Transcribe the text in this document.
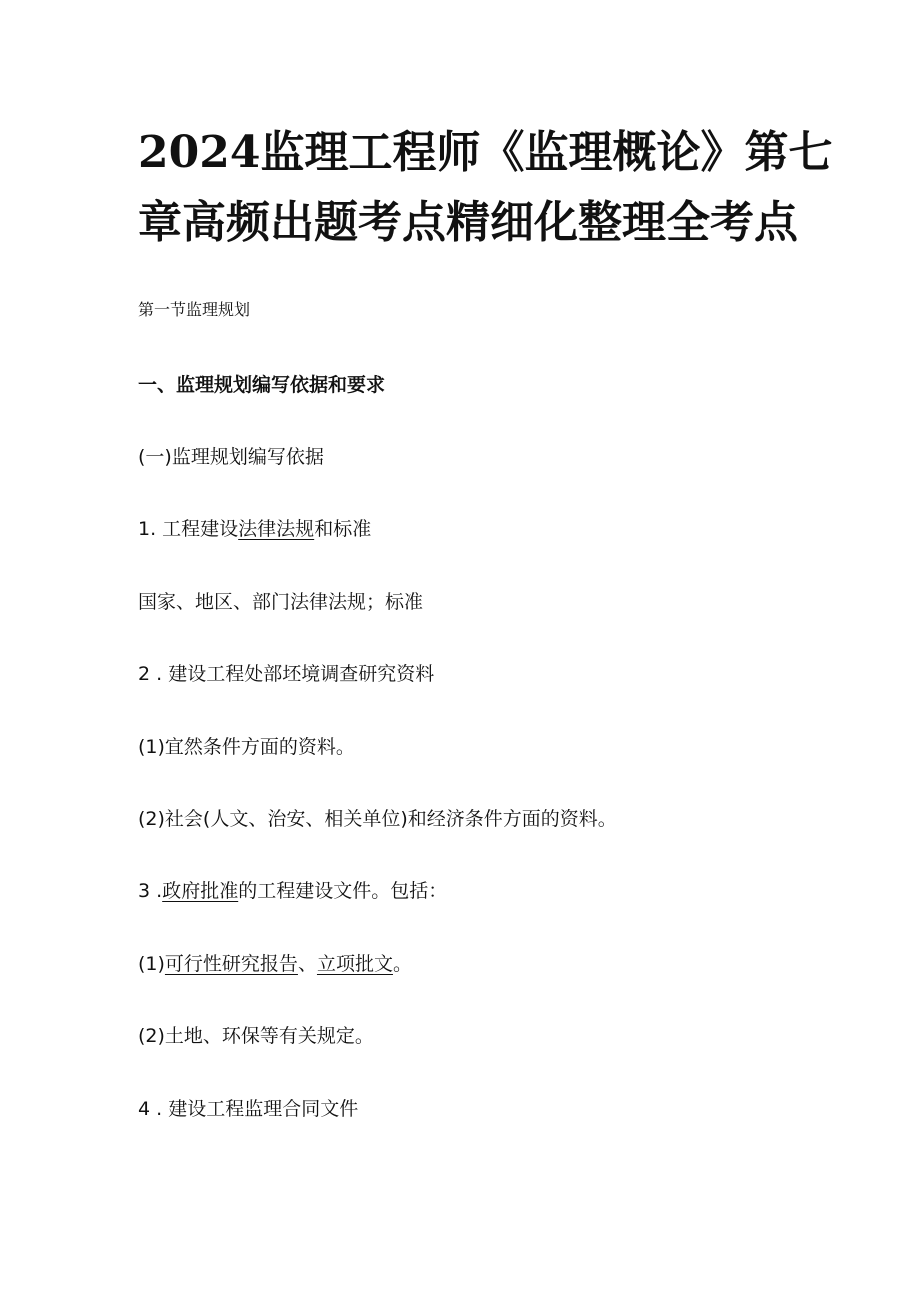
2024监理工程师《监理概论》第七
章高频出题考点精细化整理全考点

第一节监理规划

一、监理规划编写依据和要求

(一)监理规划编写依据

1. 工程建设法律法规和标准

国家、地区、部门法律法规；标准

2 . 建设工程处部坯境调查研究资料

(1)宜然条件方面的资料。

(2)社会(人文、治安、相关单位)和经济条件方面的资料。

3 .政府批准的工程建设文件。包括：

(1)可行性研究报告、立项批文。

(2)土地、环保等有关规定。

4 . 建设工程监理合同文件
